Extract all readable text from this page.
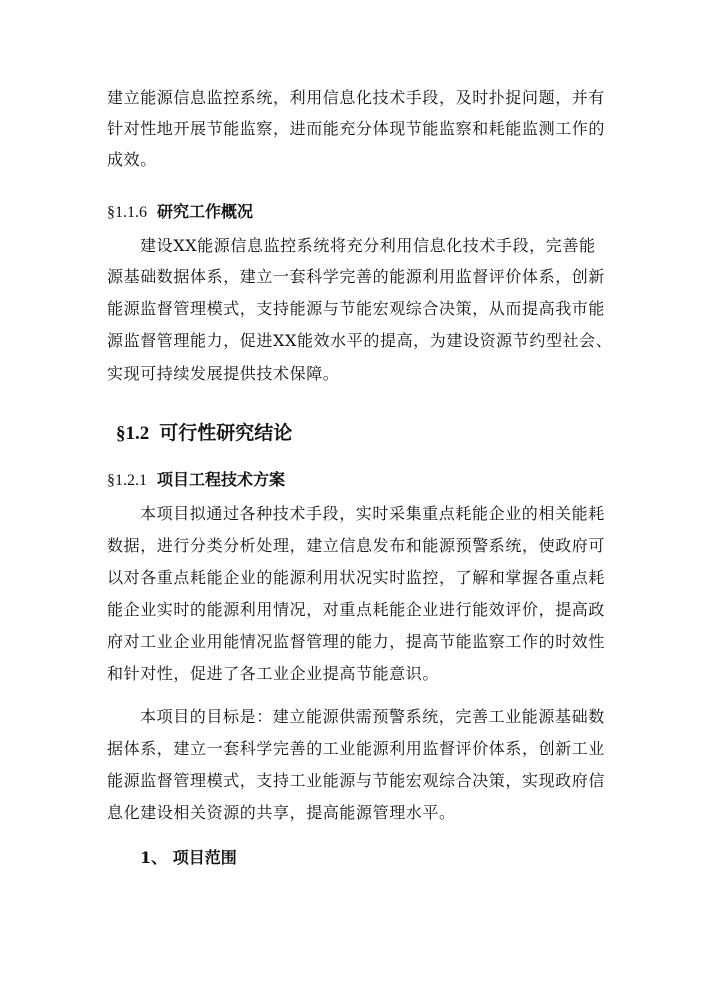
建立能源信息监控系统，利用信息化技术手段，及时扑捉问题，并有
针对性地开展节能监察，进而能充分体现节能监察和耗能监测工作的
成效。
§1.1.6 研究工作概况
建设XX能源信息监控系统将充分利用信息化技术手段，完善能
源基础数据体系，建立一套科学完善的能源利用监督评价体系，创新
能源监督管理模式，支持能源与节能宏观综合决策，从而提高我市能
源监督管理能力，促进XX能效水平的提高，为建设资源节约型社会、
实现可持续发展提供技术保障。
§1.2 可行性研究结论
§1.2.1 项目工程技术方案
本项目拟通过各种技术手段，实时采集重点耗能企业的相关能耗
数据，进行分类分析处理，建立信息发布和能源预警系统，使政府可
以对各重点耗能企业的能源利用状况实时监控，了解和掌握各重点耗
能企业实时的能源利用情况，对重点耗能企业进行能效评价，提高政
府对工业企业用能情况监督管理的能力，提高节能监察工作的时效性
和针对性，促进了各工业企业提高节能意识。
本项目的目标是：建立能源供需预警系统，完善工业能源基础数
据体系，建立一套科学完善的工业能源利用监督评价体系，创新工业
能源监督管理模式，支持工业能源与节能宏观综合决策，实现政府信
息化建设相关资源的共享，提高能源管理水平。
1、 项目范围
